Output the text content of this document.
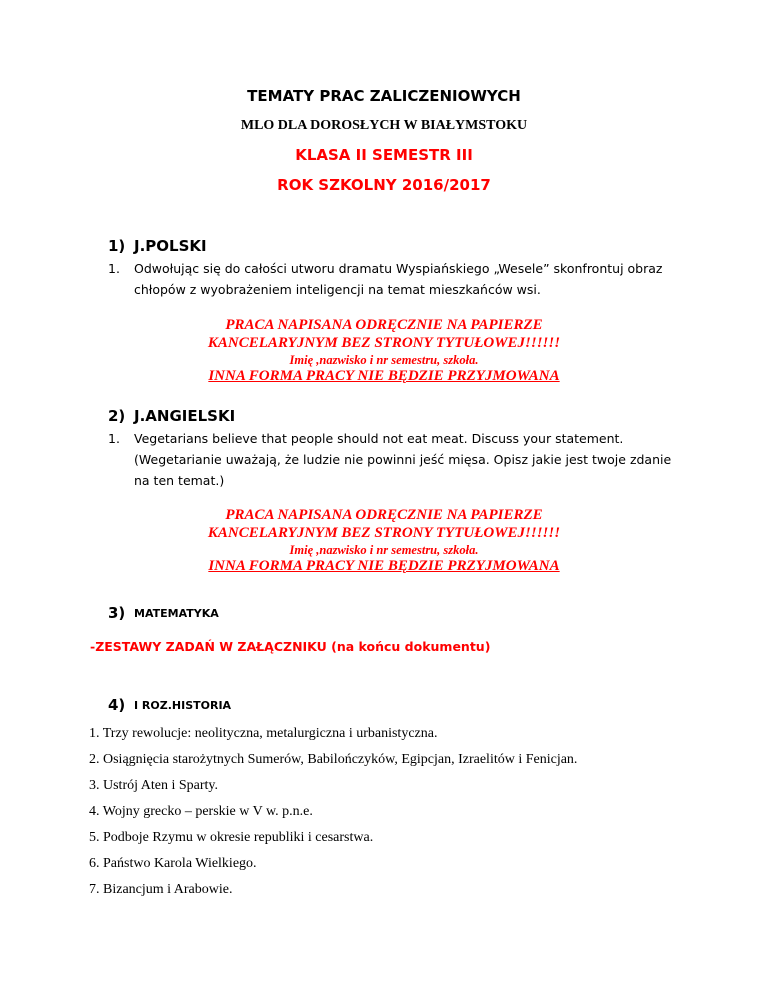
TEMATY PRAC ZALICZENIOWYCH
MLO DLA DOROSŁYCH W BIAŁYMSTOKU
KLASA II SEMESTR III
ROK SZKOLNY 2016/2017
1) J.POLSKI
1. Odwołując się do całości utworu dramatu Wyspiańskiego „Wesele” skonfrontuj obraz
chłopów z wyobrażeniem inteligencji na temat mieszkańców wsi.
PRACA NAPISANA ODRĘCZNIE NA PAPIERZE
KANCELARYJNYM BEZ STRONY TYTUŁOWEJ!!!!!!
Imię ,nazwisko i nr semestru, szkoła.
INNA FORMA PRACY NIE BĘDZIE PRZYJMOWANA
2) J.ANGIELSKI
1. Vegetarians believe that people should not eat meat. Discuss your statement.
(Wegetarianie uważają, że ludzie nie powinni jeść mięsa. Opisz jakie jest twoje zdanie
na ten temat.)
PRACA NAPISANA ODRĘCZNIE NA PAPIERZE
KANCELARYJNYM BEZ STRONY TYTUŁOWEJ!!!!!!
Imię ,nazwisko i nr semestru, szkoła.
INNA FORMA PRACY NIE BĘDZIE PRZYJMOWANA
3) MATEMATYKA
-ZESTAWY ZADAŃ W ZAŁĄCZNIKU (na końcu dokumentu)
4) I ROZ.HISTORIA
1. Trzy rewolucje: neolityczna, metalurgiczna i urbanistyczna.
2. Osiągnięcia starożytnych Sumerów, Babilończyków, Egipcjan, Izraelitów i Fenicjan.
3. Ustrój Aten i Sparty.
4. Wojny grecko – perskie w V w. p.n.e.
5. Podboje Rzymu w okresie republiki i cesarstwa.
6. Państwo Karola Wielkiego.
7. Bizancjum i Arabowie.
